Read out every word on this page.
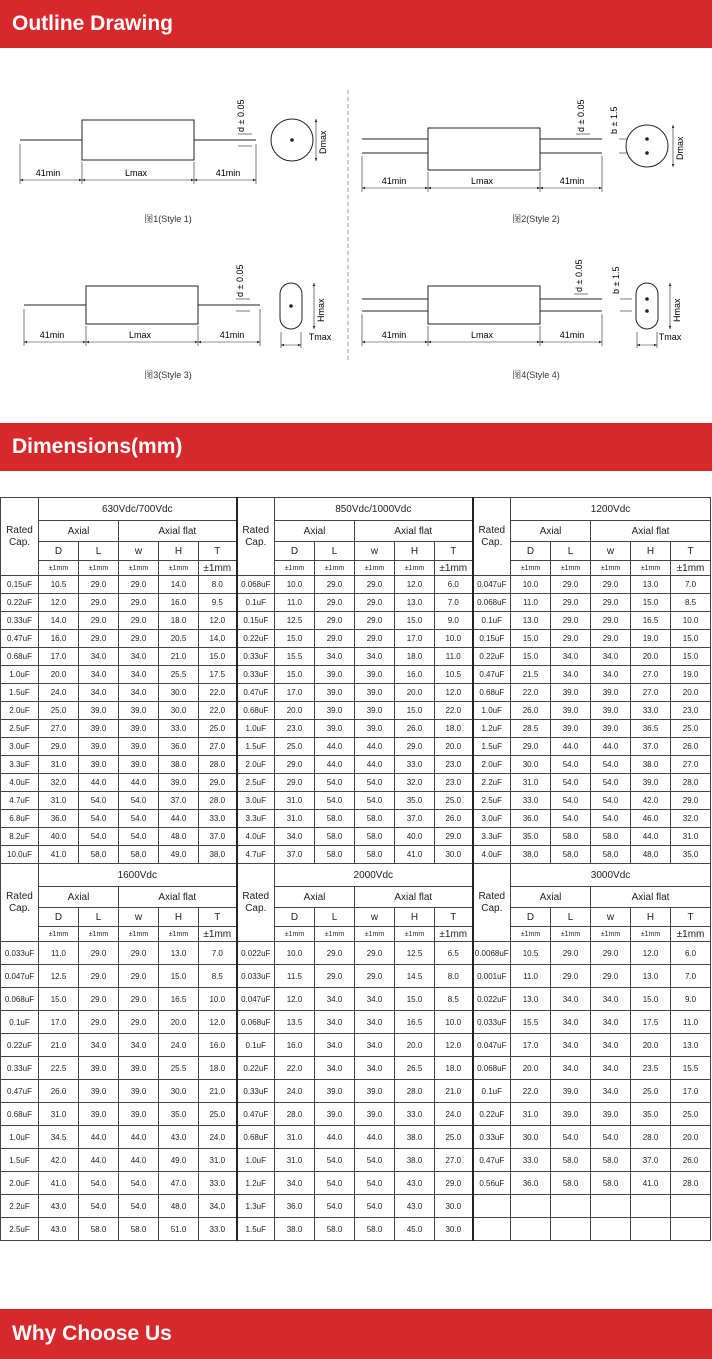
Outline Drawing
Dimensions(mm)
Why Choose Us
41min	Lmax	41min
d ± 0.05
Dmax
41min	Lmax	41min
d ± 0.05	b ± 1.5
Dmax
41min	Lmax	41min
d ± 0.05
Tmax
Hmax
41min	Lmax	41min
d ± 0.05	b ± 1.5
Tmax
Hmax
图1(Style 1)	图2(Style 2)
图3(Style 3)	图4(Style 4)
Rated Cap.	630Vdc/700Vdc					Rated Cap.	850Vdc/1000Vdc					Rated Cap.	1200Vdc				
	Axial		Axial flat				Axial		Axial flat				Axial		Axial flat		
	D	L	w	H	T		D	L	w	H	T		D	L	w	H	T
	±1mm	±1mm	±1mm	±1mm	±1mm		±1mm	±1mm	±1mm	±1mm	±1mm		±1mm	±1mm	±1mm	±1mm	±1mm
0.15uF	10.5	29.0	29.0	14.0	8.0	0.068uF	10.0	29.0	29.0	12.0	6.0	0.047uF	10.0	29.0	29.0	13.0	7.0
0.22uF	12.0	29.0	29.0	16.0	9.5	0.1uF	11.0	29.0	29.0	13.0	7.0	0.068uF	11.0	29.0	29.0	15.0	8.5
0.33uF	14.0	29.0	29.0	18.0	12.0	0.15uF	12.5	29.0	29.0	15.0	9.0	0.1uF	13.0	29.0	29.0	16.5	10.0
0.47uF	16.0	29.0	29.0	20.5	14.0	0.22uF	15.0	29.0	29.0	17.0	10.0	0.15uF	15.0	29.0	29.0	19.0	15.0
0.68uF	17.0	34.0	34.0	21.0	15.0	0.33uF	15.5	34.0	34.0	18.0	11.0	0.22uF	15.0	34.0	34.0	20.0	15.0
1.0uF	20.0	34.0	34.0	25.5	17.5	0.33uF	15.0	39.0	39.0	16.0	10.5	0.47uF	21.5	34.0	34.0	27.0	19.0
1.5uF	24.0	34.0	34.0	30.0	22.0	0.47uF	17.0	39.0	39.0	20.0	12.0	0.68uF	22.0	39.0	39.0	27.0	20.0
2.0uF	25.0	39.0	39.0	30.0	22.0	0.68uF	20.0	39.0	39.0	15.0	22.0	1.0uF	26.0	39.0	39.0	33.0	23.0
2.5uF	27.0	39.0	39.0	33.0	25.0	1.0uF	23.0	39.0	39.0	26.0	18.0	1.2uF	28.5	39.0	39.0	36.5	25.0
3.0uF	29.0	39.0	39.0	36.0	27.0	1.5uF	25.0	44.0	44.0	29.0	20.0	1.5uF	29.0	44.0	44.0	37.0	26.0
3.3uF	31.0	39.0	39.0	38.0	28.0	2.0uF	29.0	44.0	44.0	33.0	23.0	2.0uF	30.0	54.0	54.0	38.0	27.0
4.0uF	32.0	44.0	44.0	39.0	29.0	2.5uF	29.0	54.0	54.0	32.0	23.0	2.2uF	31.0	54.0	54.0	39.0	28.0
4.7uF	31.0	54.0	54.0	37.0	28.0	3.0uF	31.0	54.0	54.0	35.0	25.0	2.5uF	33.0	54.0	54.0	42.0	29.0
6.8uF	36.0	54.0	54.0	44.0	33.0	3.3uF	31.0	58.0	58.0	37.0	26.0	3.0uF	36.0	54.0	54.0	46.0	32.0
8.2uF	40.0	54.0	54.0	48.0	37.0	4.0uF	34.0	58.0	58.0	40.0	29.0	3.3uF	35.0	58.0	58.0	44.0	31.0
10.0uF	41.0	58.0	58.0	49.0	38.0	4.7uF	37.0	58.0	58.0	41.0	30.0	4.0uF	38.0	58.0	58.0	48.0	35.0
Rated Cap.	1600Vdc					Rated Cap.	2000Vdc					Rated Cap.	3000Vdc				
	Axial		Axial flat				Axial		Axial flat				Axial		Axial flat		
	D	L	w	H	T		D	L	w	H	T		D	L	w	H	T
	±1mm	±1mm	±1mm	±1mm	±1mm		±1mm	±1mm	±1mm	±1mm	±1mm		±1mm	±1mm	±1mm	±1mm	±1mm
0.033uF	11.0	29.0	29.0	13.0	7.0	0.022uF	10.0	29.0	29.0	12.5	6.5	0.0068uF	10.5	29.0	29.0	12.0	6.0
0.047uF	12.5	29.0	29.0	15.0	8.5	0.033uF	11.5	29.0	29.0	14.5	8.0	0.001uF	11.0	29.0	29.0	13.0	7.0
0.068uF	15.0	29.0	29.0	16.5	10.0	0.047uF	12.0	34.0	34.0	15.0	8.5	0.022uF	13.0	34.0	34.0	15.0	9.0
0.1uF	17.0	29.0	29.0	20.0	12.0	0.068uF	13.5	34.0	34.0	16.5	10.0	0.033uF	15.5	34.0	34.0	17.5	11.0
0.22uF	21.0	34.0	34.0	24.0	16.0	0.1uF	16.0	34.0	34.0	20.0	12.0	0.047uF	17.0	34.0	34.0	20.0	13.0
0.33uF	22.5	39.0	39.0	25.5	18.0	0.22uF	22.0	34.0	34.0	26.5	18.0	0.068uF	20.0	34.0	34.0	23.5	15.5
0.47uF	26.0	39.0	39.0	30.0	21.0	0.33uF	24.0	39.0	39.0	28.0	21.0	0.1uF	22.0	39.0	34.0	25.0	17.0
0.68uF	31.0	39.0	39.0	35.0	25.0	0.47uF	28.0	39.0	39.0	33.0	24.0	0.22uF	31.0	39.0	39.0	35.0	25.0
1.0uF	34.5	44.0	44.0	43.0	24.0	0.68uF	31.0	44.0	44.0	38.0	25.0	0.33uF	30.0	54.0	54.0	28.0	20.0
1.5uF	42.0	44.0	44.0	49.0	31.0	1.0uF	31.0	54.0	54.0	38.0	27.0	0.47uF	33.0	58.0	58.0	37.0	26.0
2.0uF	41.0	54.0	54.0	47.0	33.0	1.2uF	34.0	54.0	54.0	43.0	29.0	0.56uF	36.0	58.0	58.0	41.0	28.0
2.2uF	43.0	54.0	54.0	48.0	34.0	1.3uF	36.0	54.0	54.0	43.0	30.0						
2.5uF	43.0	58.0	58.0	51.0	33.0	1.5uF	38.0	58.0	58.0	45.0	30.0						
